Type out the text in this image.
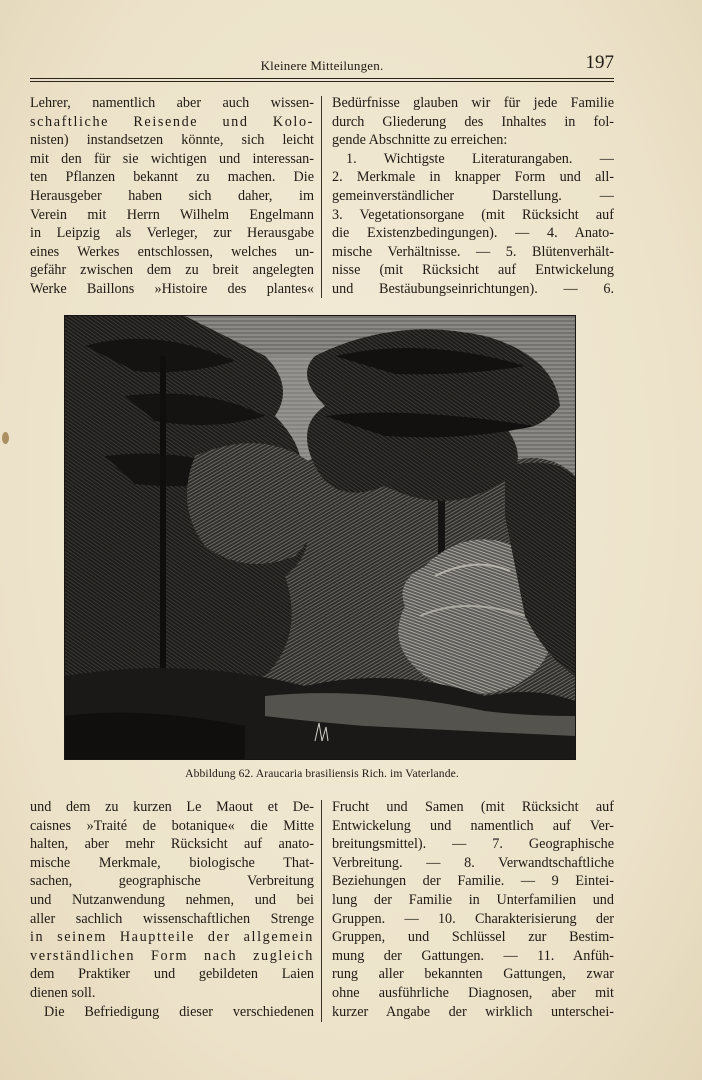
Kleinere Mitteilungen.	197
Lehrer, namentlich aber auch wissen-
schaftliche Reisende und Kolo-
nisten) instandsetzen könnte, sich leicht
mit den für sie wichtigen und interessan-
ten Pflanzen bekannt zu machen. Die
Herausgeber haben sich daher, im
Verein mit Herrn Wilhelm Engelmann
in Leipzig als Verleger, zur Herausgabe
eines Werkes entschlossen, welches un-
gefähr zwischen dem zu breit angelegten
Werke Baillons »Histoire des plantes«
Bedürfnisse glauben wir für jede Familie
durch Gliederung des Inhaltes in fol-
gende Abschnitte zu erreichen:
1. Wichtigste Literaturangaben. —
2. Merkmale in knapper Form und all-
gemeinverständlicher Darstellung. —
3. Vegetationsorgane (mit Rücksicht auf
die Existenzbedingungen). — 4. Anato-
mische Verhältnisse. — 5. Blütenverhält-
nisse (mit Rücksicht auf Entwickelung
und Bestäubungseinrichtungen). — 6.
Abbildung 62. Araucaria brasiliensis Rich. im Vaterlande.
und dem zu kurzen Le Maout et De-
caisnes »Traité de botanique« die Mitte
halten, aber mehr Rücksicht auf anato-
mische Merkmale, biologische That-
sachen, geographische Verbreitung
und Nutzanwendung nehmen, und bei
aller sachlich wissenschaftlichen Strenge
in seinem Hauptteile der allgemein
verständlichen Form nach zugleich
dem Praktiker und gebildeten Laien
dienen soll.
Die Befriedigung dieser verschiedenen
Frucht und Samen (mit Rücksicht auf
Entwickelung und namentlich auf Ver-
breitungsmittel). — 7. Geographische
Verbreitung. — 8. Verwandtschaftliche
Beziehungen der Familie. — 9 Eintei-
lung der Familie in Unterfamilien und
Gruppen. — 10. Charakterisierung der
Gruppen, und Schlüssel zur Bestim-
mung der Gattungen. — 11. Anfüh-
rung aller bekannten Gattungen, zwar
ohne ausführliche Diagnosen, aber mit
kurzer Angabe der wirklich unterschei-
